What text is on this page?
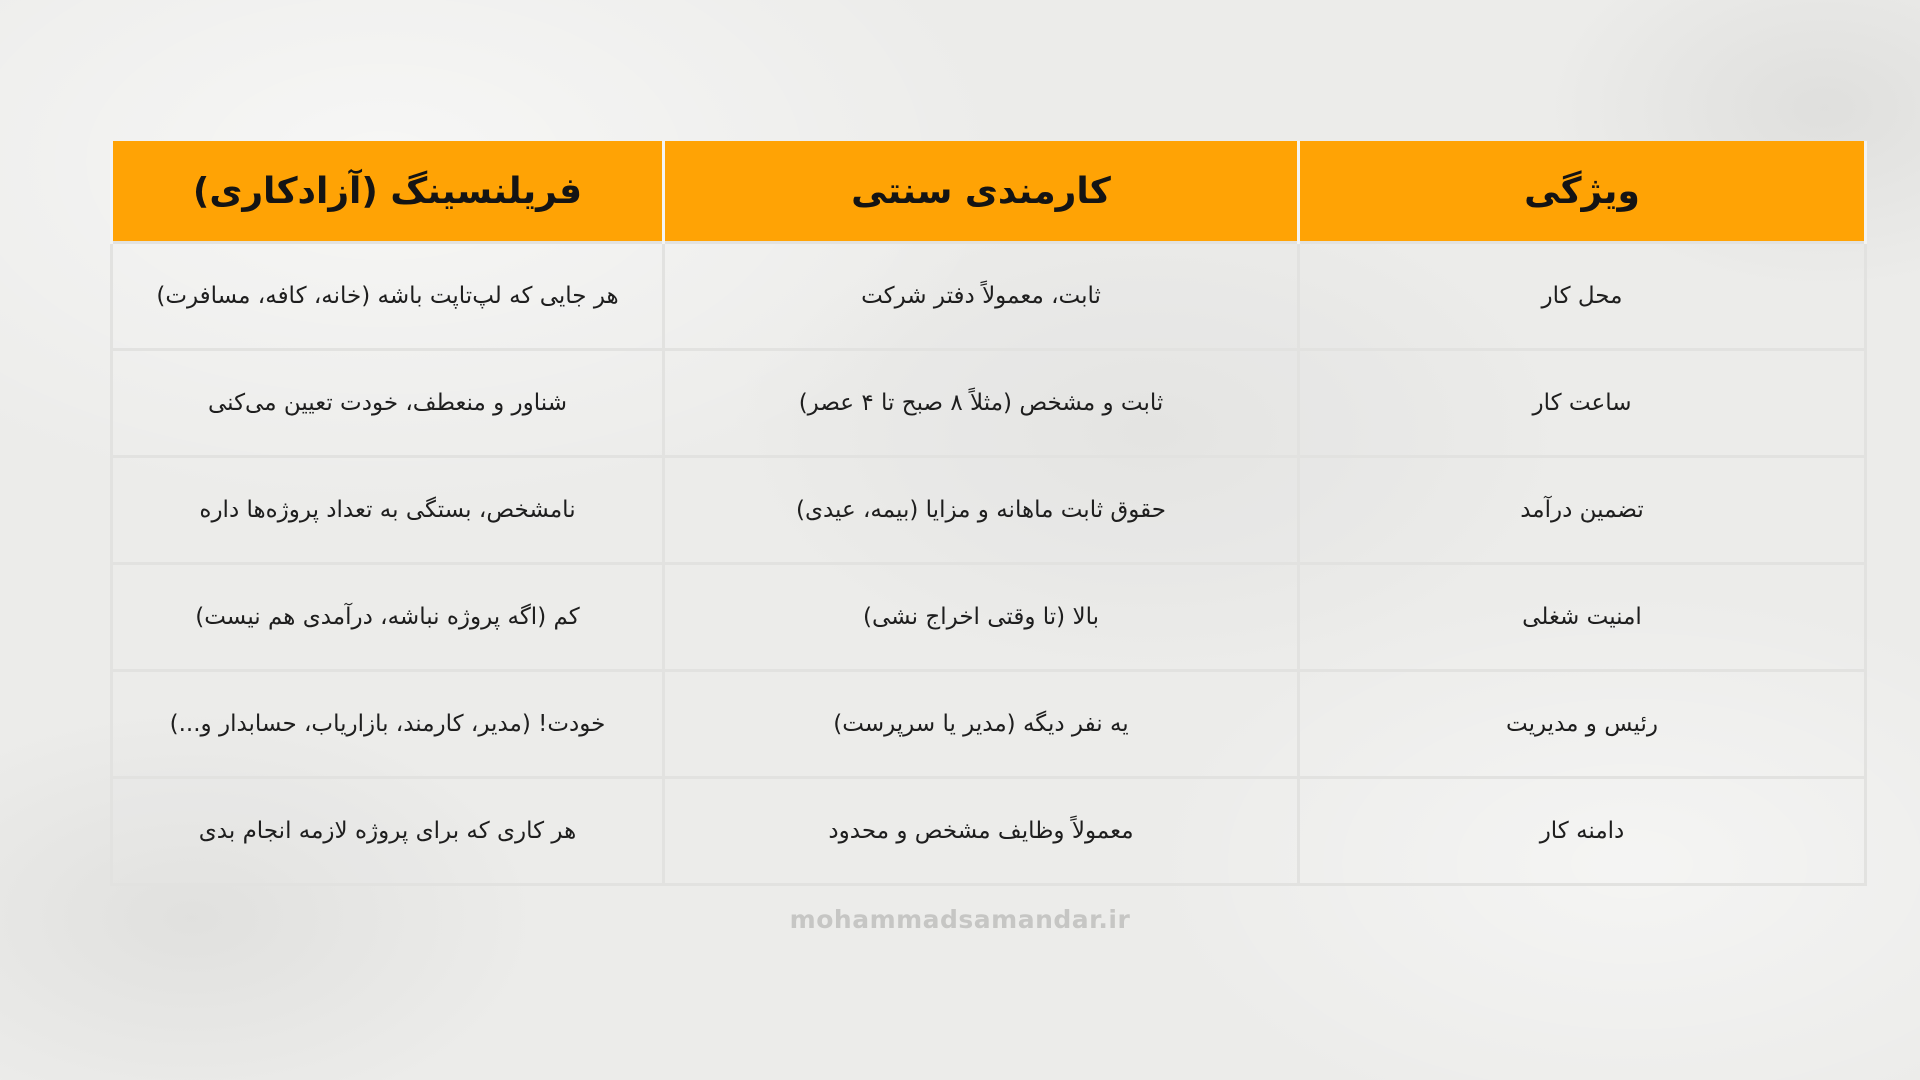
ویژگی	کارمندی سنتی	فریلنسینگ (آزادکاری)
محل کار	ثابت، معمولاً دفتر شرکت	هر جایی که لپ‌تاپت باشه (خانه، کافه، مسافرت)
ساعت کار	ثابت و مشخص (مثلاً ۸ صبح تا ۴ عصر)	شناور و منعطف، خودت تعیین می‌کنی
تضمین درآمد	حقوق ثابت ماهانه و مزایا (بیمه، عیدی)	نامشخص، بستگی به تعداد پروژه‌ها داره
امنیت شغلی	بالا (تا وقتی اخراج نشی)	کم (اگه پروژه نباشه، درآمدی هم نیست)
رئیس و مدیریت	یه نفر دیگه (مدیر یا سرپرست)	خودت! (مدیر، کارمند، بازاریاب، حسابدار و...)
دامنه کار	معمولاً وظایف مشخص و محدود	هر کاری که برای پروژه لازمه انجام بدی
mohammadsamandar.ir
